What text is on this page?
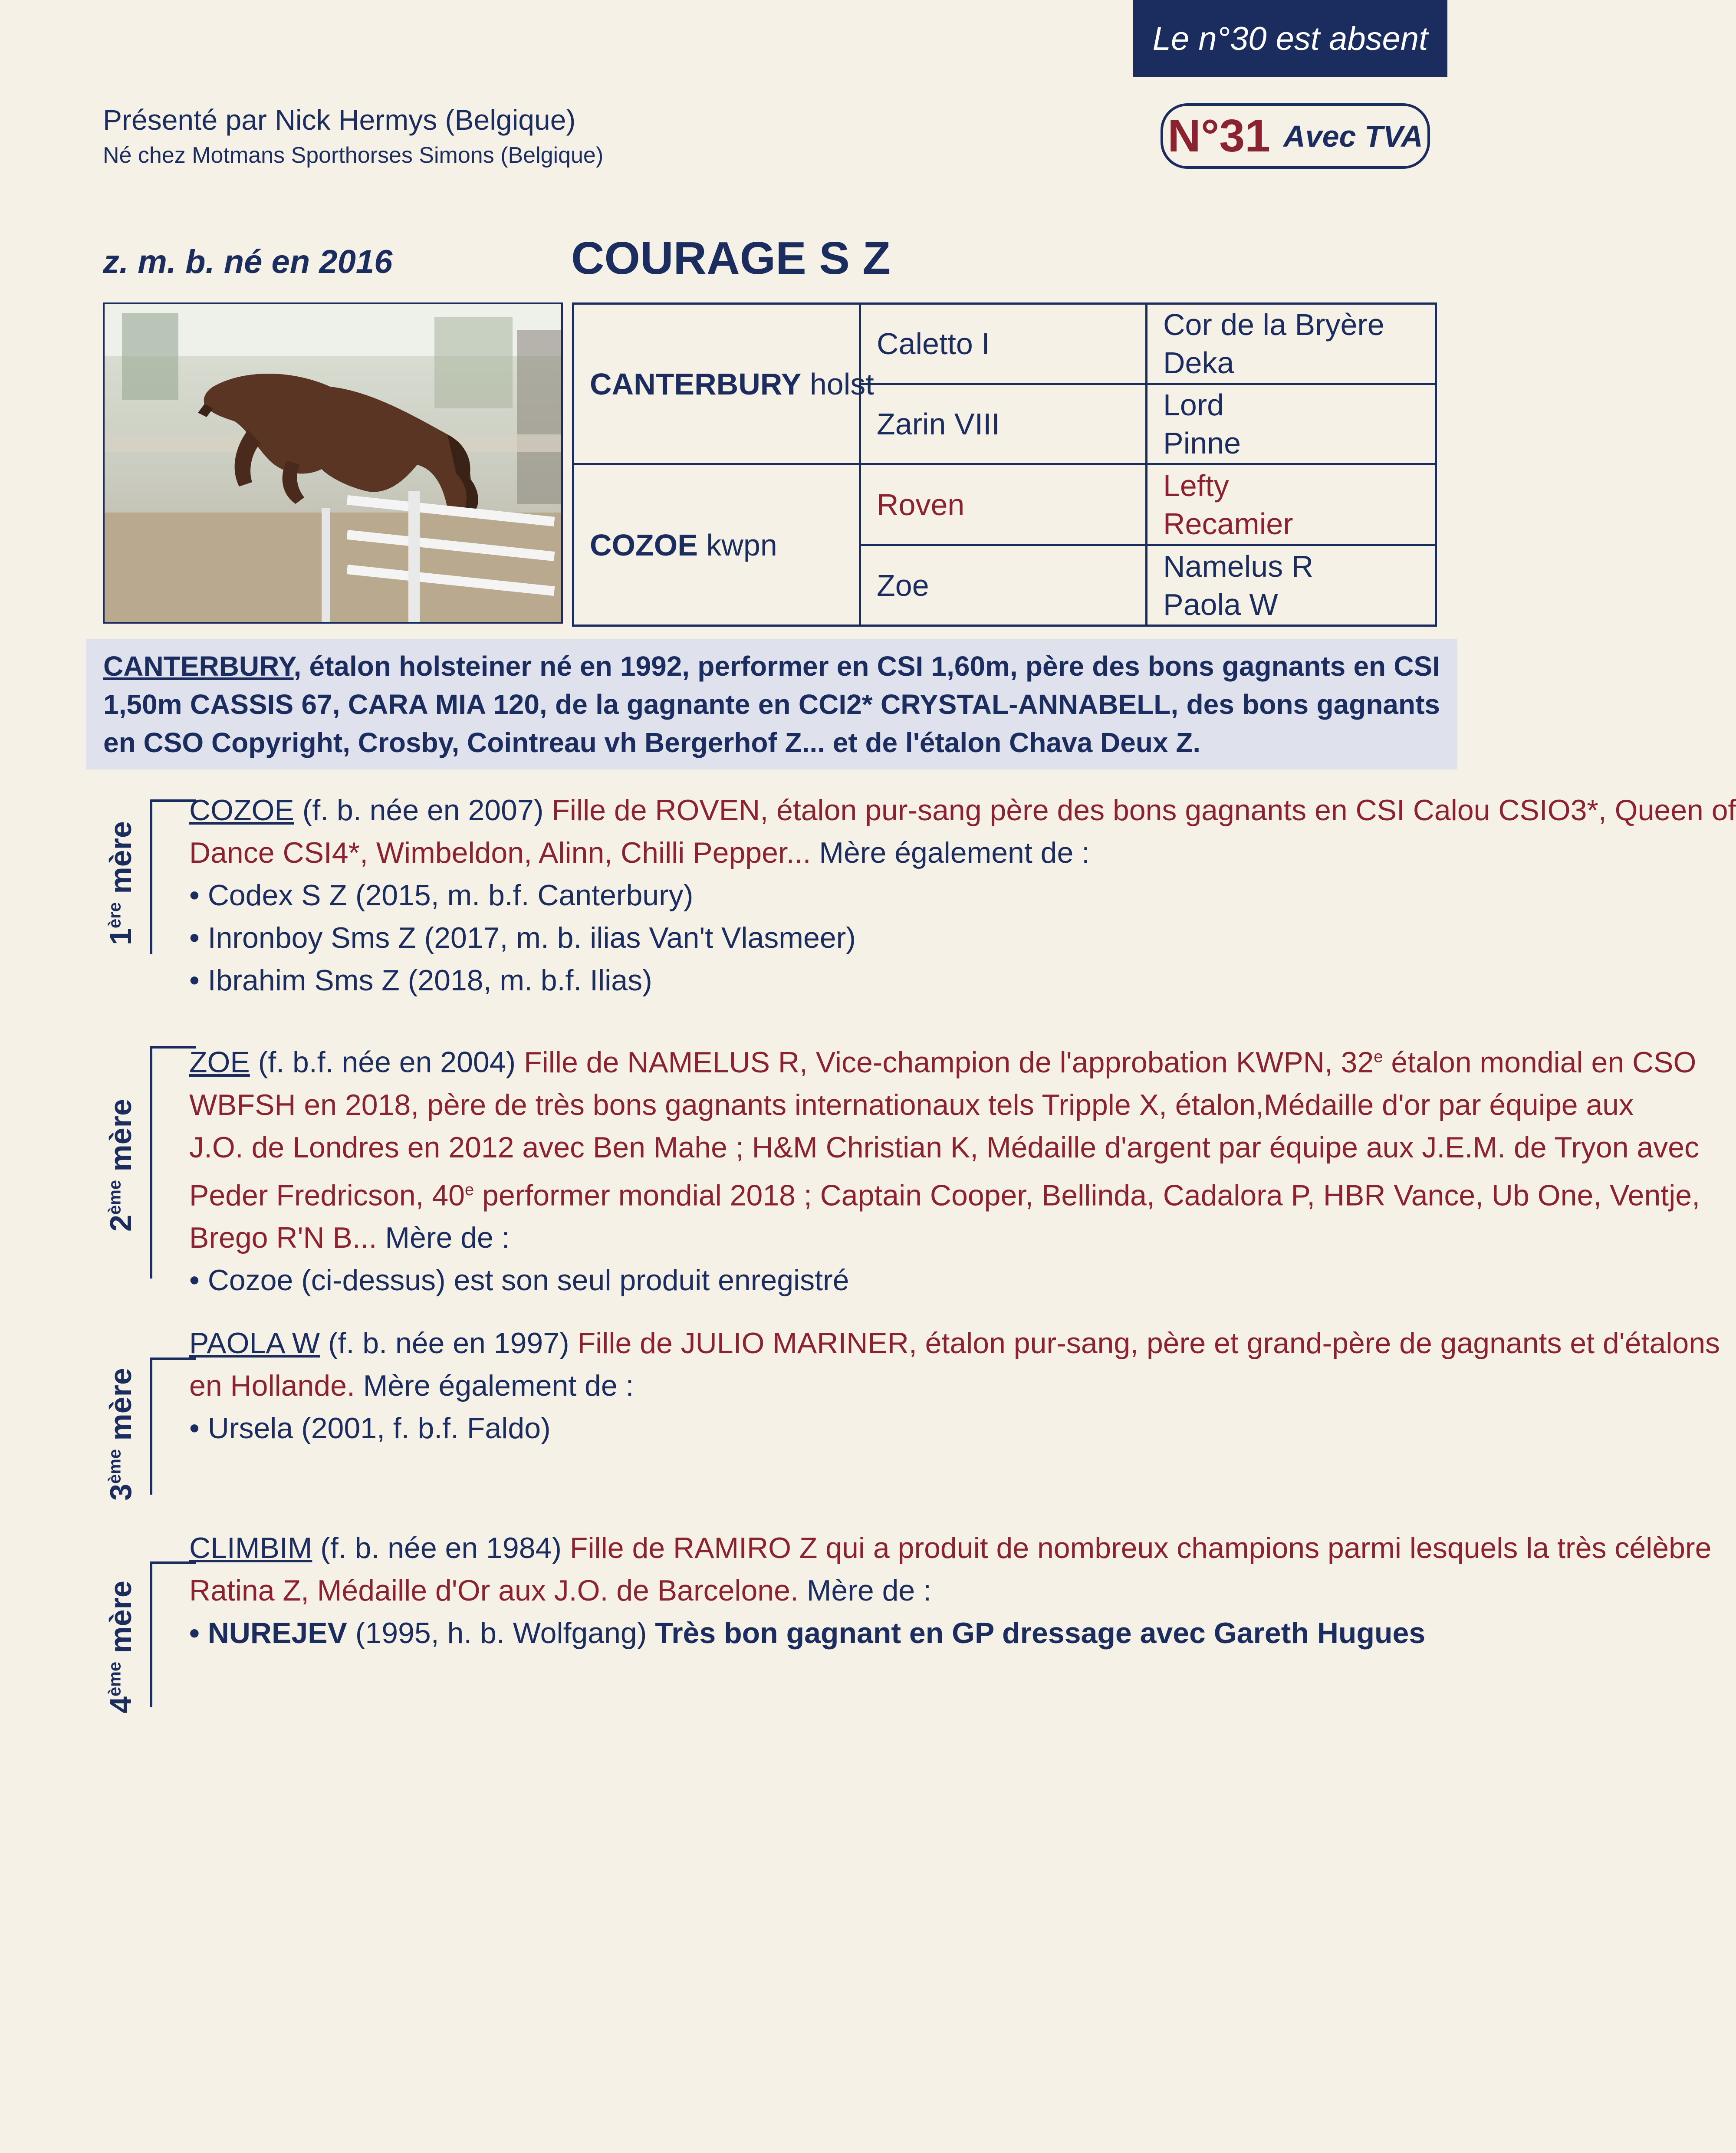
Le n°30 est absent
Présenté par Nick Hermys (Belgique)
Né chez Motmans Sporthorses Simons (Belgique)	N°31 Avec TVA
z. m. b. né en 2016	COURAGE S Z
CANTERBURY holst	Caletto I	Cor de la Bryère
Deka

	Zarin VIII	Lord
Pinne

COZOE kwpn	Roven	Lefty
Recamier

	Zoe	Namelus R
Paola W

CANTERBURY, étalon holsteiner né en 1992, performer en CSI 1,60m, père des bons gagnants en CSI 1,50m CASSIS 67, CARA MIA 120, de la gagnante en CCI2* CRYSTAL-ANNABELL, des bons gagnants en CSO Copyright, Crosby, Cointreau vh Bergerhof Z... et de l'étalon Chava Deux Z.
1ère mère
COZOE (f. b. née en 2007) Fille de ROVEN, étalon pur-sang père des bons gagnants en CSI Calou CSIO3*, Queen of
Dance CSI4*, Wimbeldon, Alinn, Chilli Pepper... Mère également de :
• Codex S Z (2015, m. b.f. Canterbury)
• Inronboy Sms Z (2017, m. b. ilias Van't Vlasmeer)
• Ibrahim Sms Z (2018, m. b.f. Ilias)
2ème mère
ZOE (f. b.f. née en 2004) Fille de NAMELUS R, Vice-champion de l'approbation KWPN, 32e étalon mondial en CSO
WBFSH en 2018, père de très bons gagnants internationaux tels Tripple X, étalon,Médaille d'or par équipe aux
J.O. de Londres en 2012 avec Ben Mahe ; H&M Christian K, Médaille d'argent par équipe aux J.E.M. de Tryon avec
Peder Fredricson, 40e performer mondial 2018 ; Captain Cooper, Bellinda, Cadalora P, HBR Vance, Ub One, Ventje,
Brego R'N B... Mère de :
• Cozoe (ci-dessus) est son seul produit enregistré
3ème mère
PAOLA W (f. b. née en 1997) Fille de JULIO MARINER, étalon pur-sang, père et grand-père de gagnants et d'étalons
en Hollande. Mère également de :
• Ursela (2001, f. b.f. Faldo)
4ème mère
CLIMBIM (f. b. née en 1984) Fille de RAMIRO Z qui a produit de nombreux champions parmi lesquels la très célèbre
Ratina Z, Médaille d'Or aux J.O. de Barcelone. Mère de :
• NUREJEV (1995, h. b. Wolfgang) Très bon gagnant en GP dressage avec Gareth Hugues
